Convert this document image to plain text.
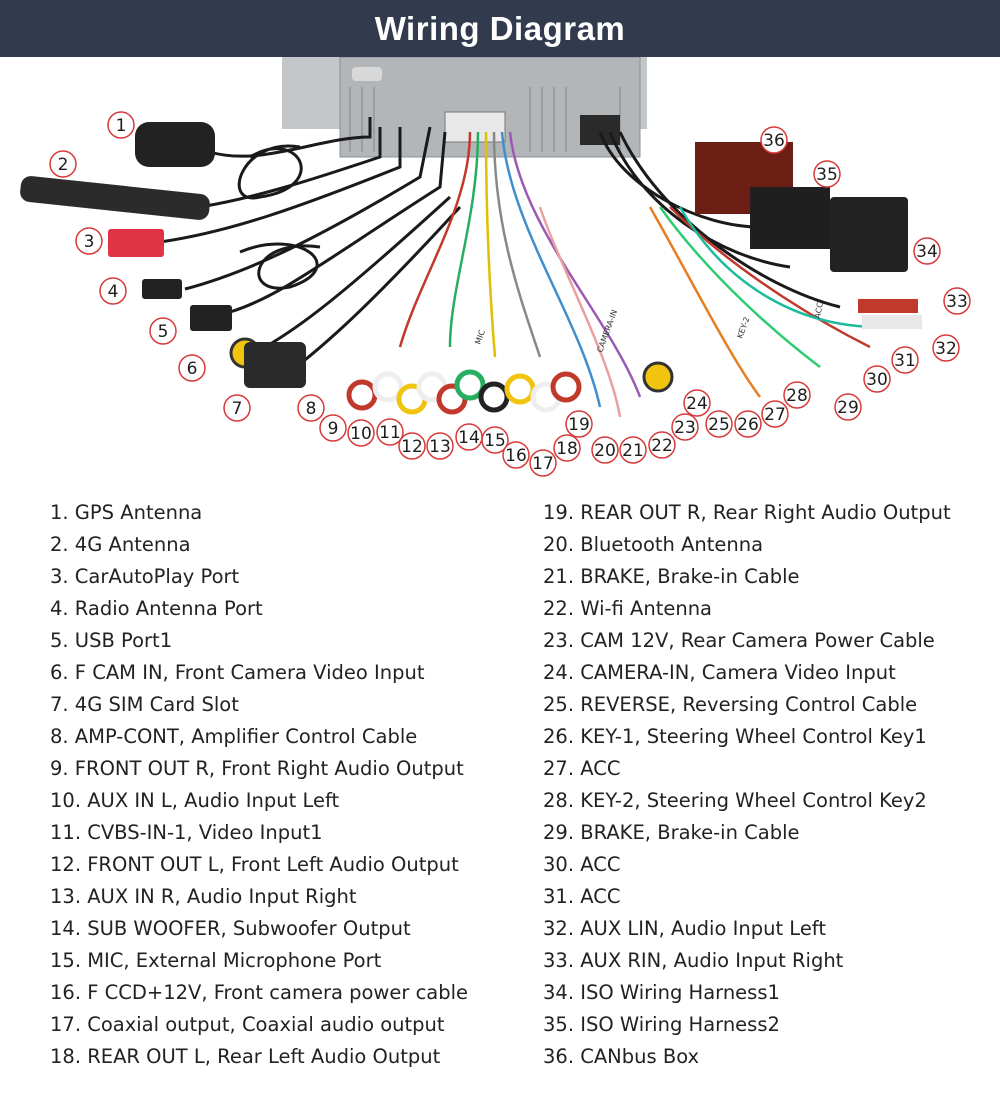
Wiring Diagram
MIC	CAMERA-IN	ACC
KEY-2
1
2
3
4
5
6
7	8
9 10 11
12 13 14 15
16 17
18
19
20 21 22
23
24
25 26 27
28
29
30
31
32
33
34
35
36
1. GPS Antenna
2. 4G Antenna
3. CarAutoPlay Port
4. Radio Antenna Port
5. USB Port1
6. F CAM IN, Front Camera Video Input
7. 4G SIM Card Slot
8. AMP-CONT, Amplifier Control Cable
9. FRONT OUT R, Front Right Audio Output
10. AUX IN L, Audio Input Left
11. CVBS-IN-1, Video Input1
12. FRONT OUT L, Front Left Audio Output
13. AUX IN R, Audio Input Right
14. SUB WOOFER, Subwoofer Output
15. MIC, External Microphone Port
16. F CCD+12V, Front camera power cable
17. Coaxial output, Coaxial audio output
18. REAR OUT L, Rear Left Audio Output
19. REAR OUT R, Rear Right Audio Output
20. Bluetooth Antenna
21. BRAKE, Brake-in Cable
22. Wi-fi Antenna
23. CAM 12V, Rear Camera Power Cable
24. CAMERA-IN, Camera Video Input
25. REVERSE, Reversing Control Cable
26. KEY-1, Steering Wheel Control Key1
27. ACC
28. KEY-2, Steering Wheel Control Key2
29. BRAKE, Brake-in Cable
30. ACC
31. ACC
32. AUX LIN, Audio Input Left
33. AUX RIN, Audio Input Right
34. ISO Wiring Harness1
35. ISO Wiring Harness2
36. CANbus Box
